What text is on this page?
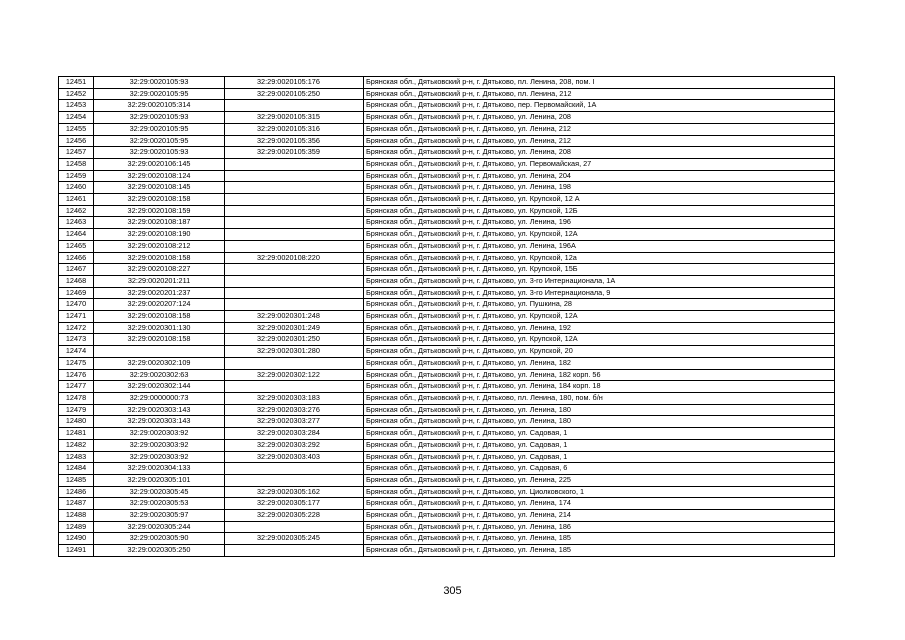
12451	32:29:0020105:93	32:29:0020105:176	Брянская обл., Дятьковский р-н, г. Дятьково, пл. Ленина, 208, пом. I
12452	32:29:0020105:95	32:29:0020105:250	Брянская обл., Дятьковский р-н, г. Дятьково, пл. Ленина, 212
12453	32:29:0020105:314		Брянская обл., Дятьковский р-н, г. Дятьково, пер. Первомайский, 1А
12454	32:29:0020105:93	32:29:0020105:315	Брянская обл., Дятьковский р-н, г. Дятьково, ул. Ленина, 208
12455	32:29:0020105:95	32:29:0020105:316	Брянская обл., Дятьковский р-н, г. Дятьково, ул. Ленина, 212
12456	32:29:0020105:95	32:29:0020105:356	Брянская обл., Дятьковский р-н, г. Дятьково, ул. Ленина, 212
12457	32:29:0020105:93	32:29:0020105:359	Брянская обл., Дятьковский р-н, г. Дятьково, ул. Ленина, 208
12458	32:29:0020106:145		Брянская обл., Дятьковский р-н, г. Дятьково, ул. Первомайская, 27
12459	32:29:0020108:124		Брянская обл., Дятьковский р-н, г. Дятьково, ул. Ленина, 204
12460	32:29:0020108:145		Брянская обл., Дятьковский р-н, г. Дятьково, ул. Ленина, 198
12461	32:29:0020108:158		Брянская обл., Дятьковский р-н, г. Дятьково, ул. Крупской, 12 А
12462	32:29:0020108:159		Брянская обл., Дятьковский р-н, г. Дятьково, ул. Крупской, 12Б
12463	32:29:0020108:187		Брянская обл., Дятьковский р-н, г. Дятьково, ул. Ленина, 196
12464	32:29:0020108:190		Брянская обл., Дятьковский р-н, г. Дятьково, ул. Крупской, 12А
12465	32:29:0020108:212		Брянская обл., Дятьковский р-н, г. Дятьково, ул. Ленина, 196А
12466	32:29:0020108:158	32:29:0020108:220	Брянская обл., Дятьковский р-н, г. Дятьково, ул. Крупской, 12а
12467	32:29:0020108:227		Брянская обл., Дятьковский р-н, г. Дятьково, ул. Крупской, 15Б
12468	32:29:0020201:211		Брянская обл., Дятьковский р-н, г. Дятьково, ул. 3-го Интернационала, 1А
12469	32:29:0020201:237		Брянская обл., Дятьковский р-н, г. Дятьково, ул. 3-го Интернационала, 9
12470	32:29:0020207:124		Брянская обл., Дятьковский р-н, г. Дятьково, ул. Пушкина, 28
12471	32:29:0020108:158	32:29:0020301:248	Брянская обл., Дятьковский р-н, г. Дятьково, ул. Крупской, 12А
12472	32:29:0020301:130	32:29:0020301:249	Брянская обл., Дятьковский р-н, г. Дятьково, ул. Ленина, 192
12473	32:29:0020108:158	32:29:0020301:250	Брянская обл., Дятьковский р-н, г. Дятьково, ул. Крупской, 12А
12474		32:29:0020301:280	Брянская обл., Дятьковский р-н, г. Дятьково, ул. Крупской, 20
12475	32:29:0020302:109		Брянская обл., Дятьковский р-н, г. Дятьково, ул. Ленина, 182
12476	32:29:0020302:63	32:29:0020302:122	Брянская обл., Дятьковский р-н, г. Дятьково, ул. Ленина, 182 корп. 56
12477	32:29:0020302:144		Брянская обл., Дятьковский р-н, г. Дятьково, ул. Ленина, 184 корп. 18
12478	32:29:0000000:73	32:29:0020303:183	Брянская обл., Дятьковский р-н, г. Дятьково, пл. Ленина, 180, пом. б/н
12479	32:29:0020303:143	32:29:0020303:276	Брянская обл., Дятьковский р-н, г. Дятьково, ул. Ленина, 180
12480	32:29:0020303:143	32:29:0020303:277	Брянская обл., Дятьковский р-н, г. Дятьково, ул. Ленина, 180
12481	32:29:0020303:92	32:29:0020303:284	Брянская обл., Дятьковский р-н, г. Дятьково, ул. Садовая, 1
12482	32:29:0020303:92	32:29:0020303:292	Брянская обл., Дятьковский р-н, г. Дятьково, ул. Садовая, 1
12483	32:29:0020303:92	32:29:0020303:403	Брянская обл., Дятьковский р-н, г. Дятьково, ул. Садовая, 1
12484	32:29:0020304:133		Брянская обл., Дятьковский р-н, г. Дятьково, ул. Садовая, 6
12485	32:29:0020305:101		Брянская обл., Дятьковский р-н, г. Дятьково, ул. Ленина, 225
12486	32:29:0020305:45	32:29:0020305:162	Брянская обл., Дятьковский р-н, г. Дятьково, ул. Циолковского, 1
12487	32:29:0020305:53	32:29:0020305:177	Брянская обл., Дятьковский р-н, г. Дятьково, ул. Ленина, 174
12488	32:29:0020305:97	32:29:0020305:228	Брянская обл., Дятьковский р-н, г. Дятьково, ул. Ленина, 214
12489	32:29:0020305:244		Брянская обл., Дятьковский р-н, г. Дятьково, ул. Ленина, 186
12490	32:29:0020305:90	32:29:0020305:245	Брянская обл., Дятьковский р-н, г. Дятьково, ул. Ленина, 185
12491	32:29:0020305:250		Брянская обл., Дятьковский р-н, г. Дятьково, ул. Ленина, 185
305
